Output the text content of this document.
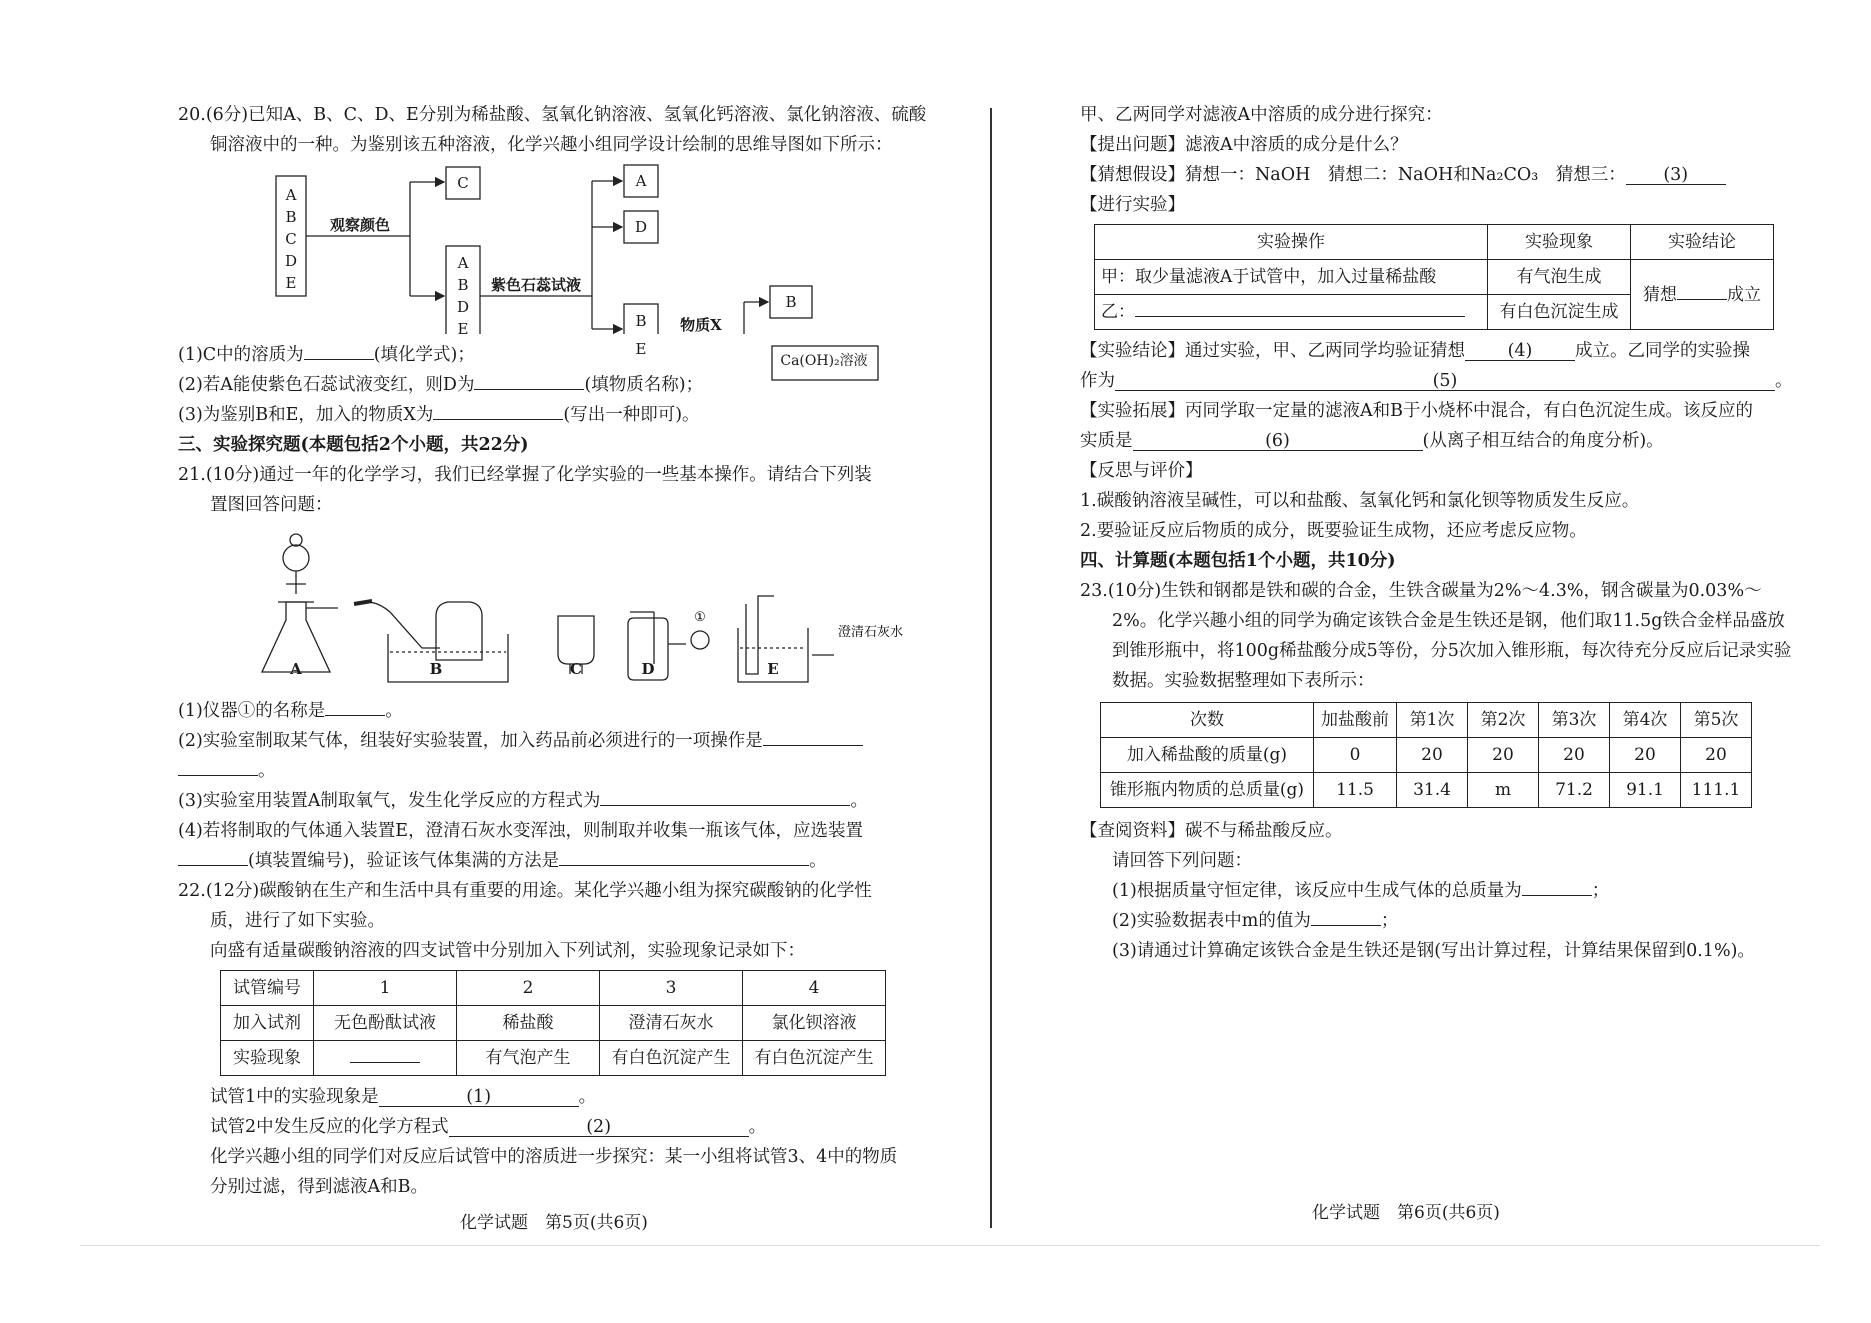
20.(6分)已知A、B、C、D、E分别为稀盐酸、氢氧化钠溶液、氢氧化钙溶液、氯化钠溶液、硫酸
铜溶液中的一种。为鉴别该五种溶液，化学兴趣小组同学设计绘制的思维导图如下所示：
(1)C中的溶质为	(填化学式)；
(2)若A能使紫色石蕊试液变红，则D为	(填物质名称)；
(3)为鉴别B和E，加入的物质X为	(写出一种即可)。
三、实验探究题(本题包括2个小题，共22分)
21.(10分)通过一年的化学学习，我们已经掌握了化学实验的一些基本操作。请结合下列装
置图回答问题：
(1)仪器①的名称是	。
(2)实验室制取某气体，组装好实验装置，加入药品前必须进行的一项操作是
。
(3)实验室用装置A制取氧气，发生化学反应的方程式为	。
(4)若将制取的气体通入装置E，澄清石灰水变浑浊，则制取并收集一瓶该气体，应选装置
(填装置编号)，验证该气体集满的方法是	。
22.(12分)碳酸钠在生产和生活中具有重要的用途。某化学兴趣小组为探究碳酸钠的化学性
质，进行了如下实验。
向盛有适量碳酸钠溶液的四支试管中分别加入下列试剂，实验现象记录如下：
试管编号	1	2	3	4
加入试剂	无色酚酞试液	稀盐酸	澄清石灰水	氯化钡溶液
实验现象		有气泡产生	有白色沉淀产生	有白色沉淀产生
试管1中的实验现象是	(1)	。
试管2中发生反应的化学方程式	(2)	。
化学兴趣小组的同学们对反应后试管中的溶质进一步探究：某一小组将试管3、4中的物质
分别过滤，得到滤液A和B。
A
B
C
D
E
观察颜色
C
A
B
D
E
紫色石蕊试液
A
D
B
E
物质X
B
Ca(OH)₂溶液
A	B	C	D	E
①
澄清石灰水
化学试题　第5页(共6页)
甲、乙两同学对滤液A中溶质的成分进行探究：
【提出问题】滤液A中溶质的成分是什么？
【猜想假设】猜想一：NaOH　猜想二：NaOH和Na₂CO₃　猜想三： (3)
【进行实验】
实验操作	实验现象	实验结论
甲：取少量滤液A于试管中，加入过量稀盐酸	有气泡生成	猜想 成立
乙：	有白色沉淀生成	
【实验结论】通过实验，甲、乙两同学均验证猜想 (4) 成立。乙同学的实验操
作为	(5)	。
【实验拓展】丙同学取一定量的滤液A和B于小烧杯中混合，有白色沉淀生成。该反应的
实质是	(6)	(从离子相互结合的角度分析)。
【反思与评价】
1.碳酸钠溶液呈碱性，可以和盐酸、氢氧化钙和氯化钡等物质发生反应。
2.要验证反应后物质的成分，既要验证生成物，还应考虑反应物。
四、计算题(本题包括1个小题，共10分)
23.(10分)生铁和钢都是铁和碳的合金，生铁含碳量为2%～4.3%，钢含碳量为0.03%～
2%。化学兴趣小组的同学为确定该铁合金是生铁还是钢，他们取11.5g铁合金样品盛放
到锥形瓶中，将100g稀盐酸分成5等份，分5次加入锥形瓶，每次待充分反应后记录实验
数据。实验数据整理如下表所示：
次数	加盐酸前	第1次	第2次	第3次	第4次	第5次
加入稀盐酸的质量(g)	0	20	20	20	20	20
锥形瓶内物质的总质量(g)	11.5	31.4	m	71.2	91.1	111.1
【查阅资料】碳不与稀盐酸反应。
请回答下列问题：
(1)根据质量守恒定律，该反应中生成气体的总质量为	；
(2)实验数据表中m的值为	；
(3)请通过计算确定该铁合金是生铁还是钢(写出计算过程，计算结果保留到0.1%)。
化学试题　第6页(共6页)
